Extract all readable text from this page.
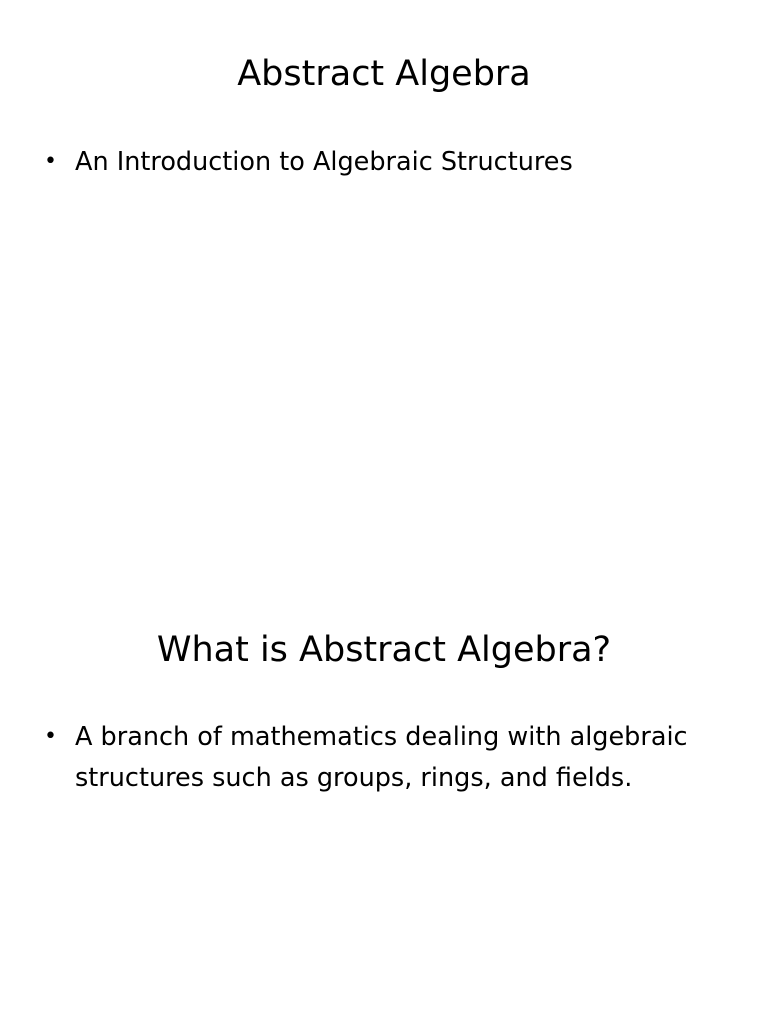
Abstract Algebra
• An Introduction to Algebraic Structures
What is Abstract Algebra?
• A branch of mathematics dealing with algebraic structures such as groups, rings, and fields.
